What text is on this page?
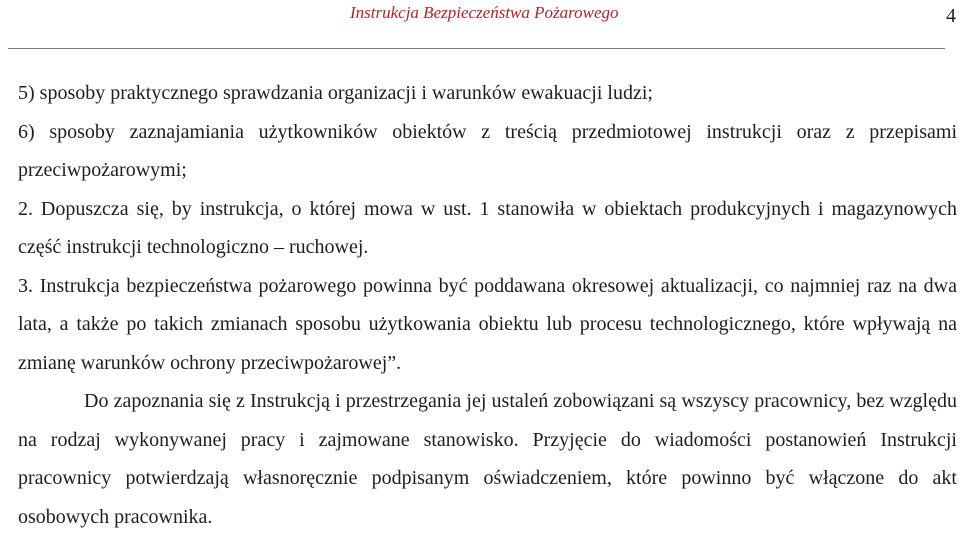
Instrukcja Bezpieczeństwa Pożarowego	4

5) sposoby praktycznego sprawdzania organizacji i warunków ewakuacji ludzi;

6) sposoby zaznajamiania użytkowników obiektów z treścią przedmiotowej instrukcji oraz z przepisami przeciwpożarowymi;

2. Dopuszcza się, by instrukcja, o której mowa w ust. 1 stanowiła w obiektach produkcyjnych i magazynowych część instrukcji technologiczno – ruchowej.

3. Instrukcja bezpieczeństwa pożarowego powinna być poddawana okresowej aktualizacji, co najmniej raz na dwa lata, a także po takich zmianach sposobu użytkowania obiektu lub procesu technologicznego, które wpływają na zmianę warunków ochrony przeciwpożarowej”.

Do zapoznania się z Instrukcją i przestrzegania jej ustaleń zobowiązani są wszyscy pracownicy, bez względu na rodzaj wykonywanej pracy i zajmowane stanowisko. Przyjęcie do wiadomości postanowień Instrukcji pracownicy potwierdzają własnoręcznie podpisanym oświadczeniem, które powinno być włączone do akt osobowych pracownika.
